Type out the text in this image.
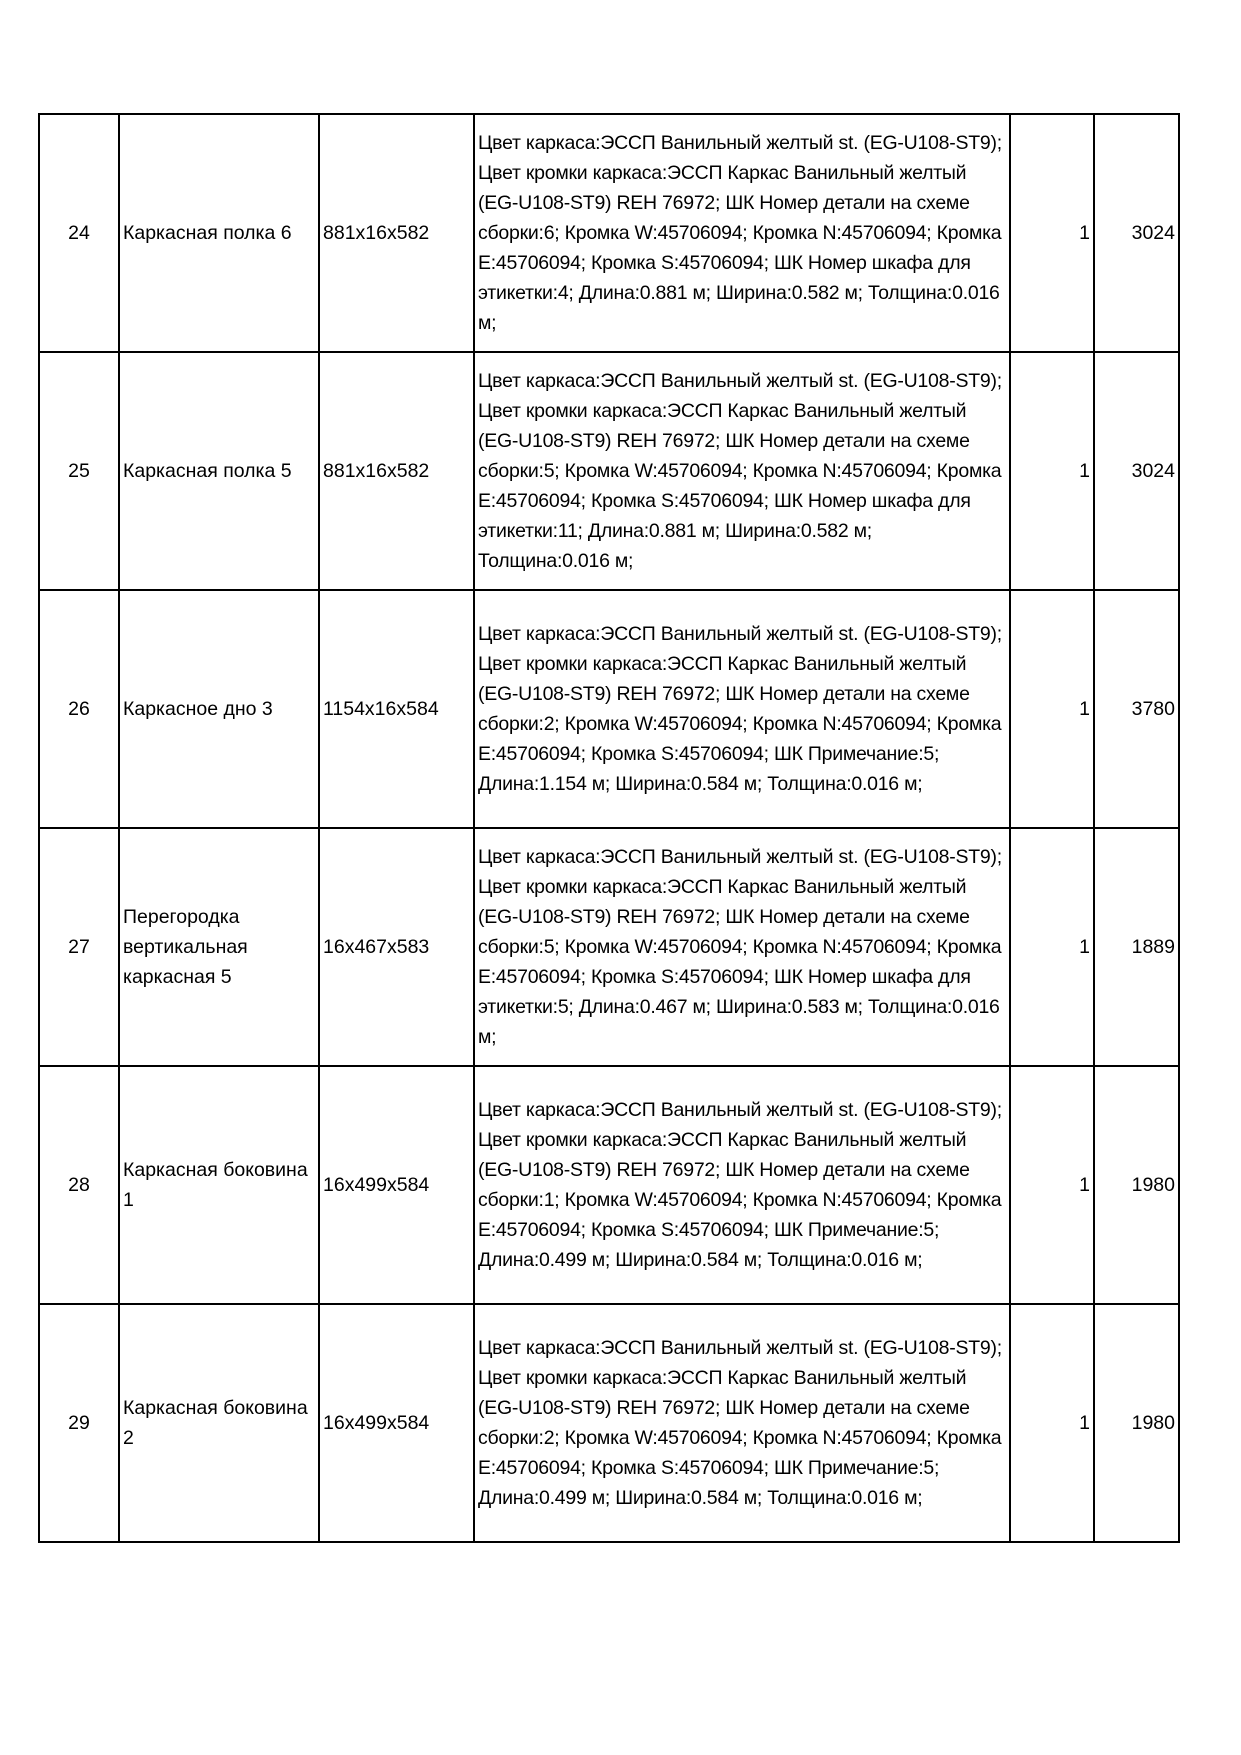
24	Каркасная полка 6	881x16x582	Цвет каркаса:ЭССП Ванильный желтый st. (EG-U108-ST9); Цвет кромки каркаса:ЭССП Каркас Ванильный желтый (EG-U108-ST9) REH 76972; ШК Номер детали на схеме сборки:6; Кромка W:45706094; Кромка N:45706094; Кромка E:45706094; Кромка S:45706094; ШК Номер шкафа для этикетки:4; Длина:0.881 м; Ширина:0.582 м; Толщина:0.016 м;	1	3024
25	Каркасная полка 5	881x16x582	Цвет каркаса:ЭССП Ванильный желтый st. (EG-U108-ST9); Цвет кромки каркаса:ЭССП Каркас Ванильный желтый (EG-U108-ST9) REH 76972; ШК Номер детали на схеме сборки:5; Кромка W:45706094; Кромка N:45706094; Кромка E:45706094; Кромка S:45706094; ШК Номер шкафа для этикетки:11; Длина:0.881 м; Ширина:0.582 м; Толщина:0.016 м;	1	3024
26	Каркасное дно 3	1154x16x584	Цвет каркаса:ЭССП Ванильный желтый st. (EG-U108-ST9); Цвет кромки каркаса:ЭССП Каркас Ванильный желтый (EG-U108-ST9) REH 76972; ШК Номер детали на схеме сборки:2; Кромка W:45706094; Кромка N:45706094; Кромка E:45706094; Кромка S:45706094; ШК Примечание:5; Длина:1.154 м; Ширина:0.584 м; Толщина:0.016 м;	1	3780
27	Перегородка вертикальная каркасная 5	16x467x583	Цвет каркаса:ЭССП Ванильный желтый st. (EG-U108-ST9); Цвет кромки каркаса:ЭССП Каркас Ванильный желтый (EG-U108-ST9) REH 76972; ШК Номер детали на схеме сборки:5; Кромка W:45706094; Кромка N:45706094; Кромка E:45706094; Кромка S:45706094; ШК Номер шкафа для этикетки:5; Длина:0.467 м; Ширина:0.583 м; Толщина:0.016 м;	1	1889
28	Каркасная боковина 1	16x499x584	Цвет каркаса:ЭССП Ванильный желтый st. (EG-U108-ST9); Цвет кромки каркаса:ЭССП Каркас Ванильный желтый (EG-U108-ST9) REH 76972; ШК Номер детали на схеме сборки:1; Кромка W:45706094; Кромка N:45706094; Кромка E:45706094; Кромка S:45706094; ШК Примечание:5; Длина:0.499 м; Ширина:0.584 м; Толщина:0.016 м;	1	1980
29	Каркасная боковина 2	16x499x584	Цвет каркаса:ЭССП Ванильный желтый st. (EG-U108-ST9); Цвет кромки каркаса:ЭССП Каркас Ванильный желтый (EG-U108-ST9) REH 76972; ШК Номер детали на схеме сборки:2; Кромка W:45706094; Кромка N:45706094; Кромка E:45706094; Кромка S:45706094; ШК Примечание:5; Длина:0.499 м; Ширина:0.584 м; Толщина:0.016 м;	1	1980
